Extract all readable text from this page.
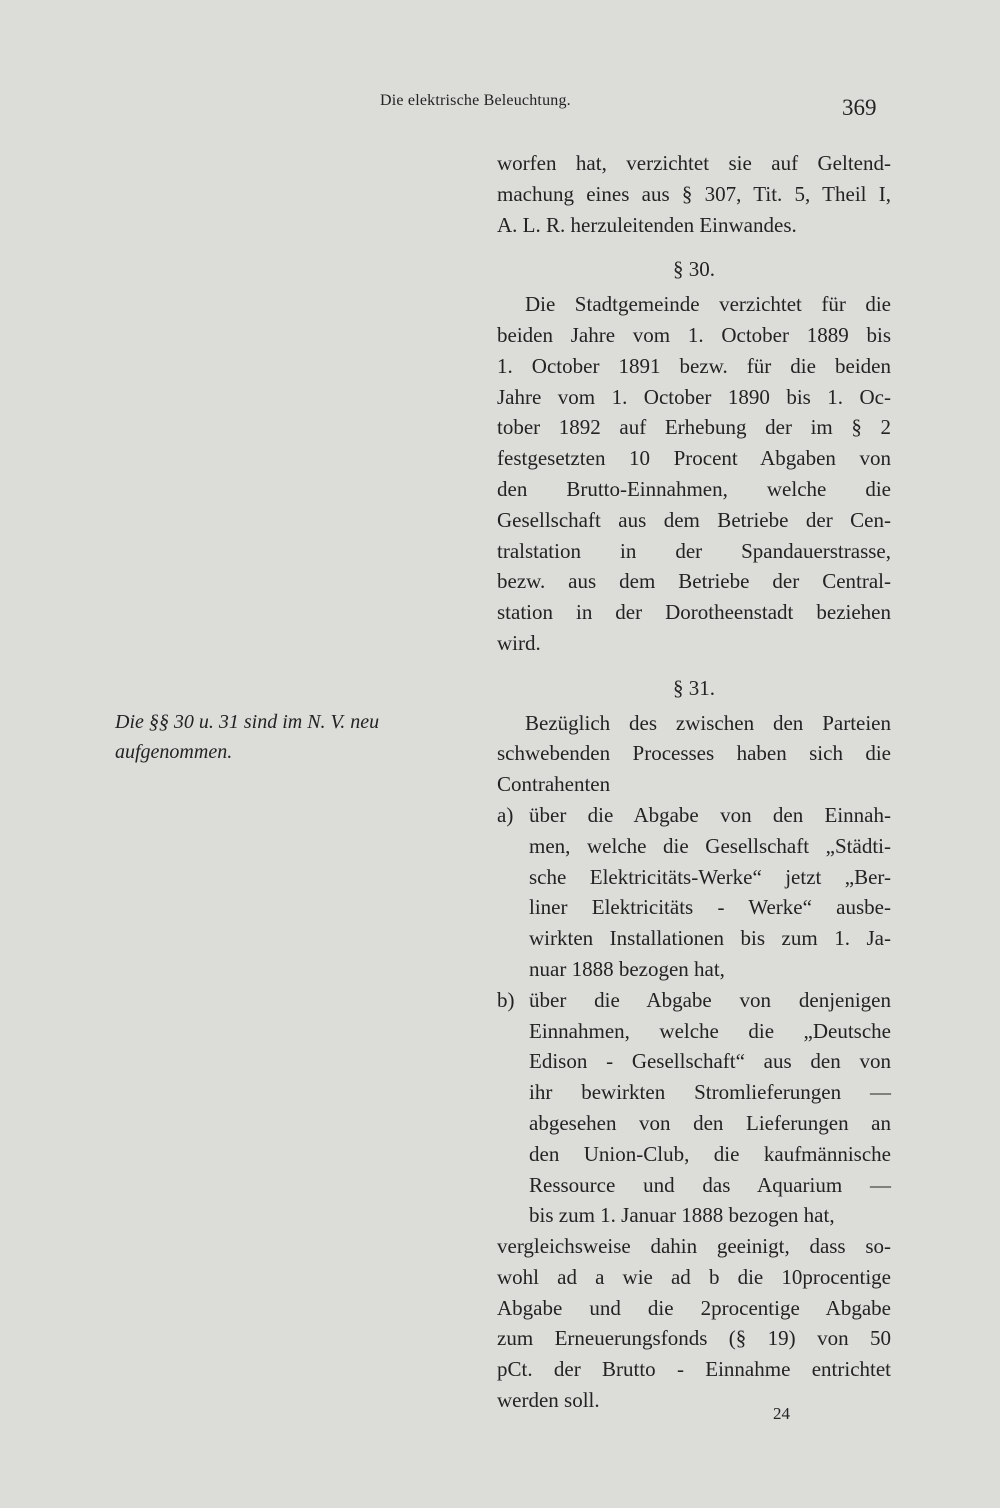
Die elektrische Beleuchtung.	369
Die §§ 30 u. 31 sind im N. V. neu
aufgenommen.
worfen hat, verzichtet sie auf Geltend-
machung eines aus § 307, Tit. 5, Theil I,
A. L. R. herzuleitenden Einwandes.
§ 30.
Die Stadtgemeinde verzichtet für die
beiden Jahre vom 1. October 1889 bis
1. October 1891 bezw. für die beiden
Jahre vom 1. October 1890 bis 1. Oc-
tober 1892 auf Erhebung der im § 2
festgesetzten 10 Procent Abgaben von
den Brutto-Einnahmen, welche die
Gesellschaft aus dem Betriebe der Cen-
tralstation in der Spandauerstrasse,
bezw. aus dem Betriebe der Central-
station in der Dorotheenstadt beziehen
wird.
§ 31.
Bezüglich des zwischen den Parteien
schwebenden Processes haben sich die
Contrahenten
a) über die Abgabe von den Einnah-
men, welche die Gesellschaft „Städti-
sche Elektricitäts-Werke“ jetzt „Ber-
liner Elektricitäts - Werke“ ausbe-
wirkten Installationen bis zum 1. Ja-
nuar 1888 bezogen hat,
b) über die Abgabe von denjenigen
Einnahmen, welche die „Deutsche
Edison - Gesellschaft“ aus den von
ihr bewirkten Stromlieferungen —
abgesehen von den Lieferungen an
den Union-Club, die kaufmännische
Ressource und das Aquarium —
bis zum 1. Januar 1888 bezogen hat,
vergleichsweise dahin geeinigt, dass so-
wohl ad a wie ad b die 10procentige
Abgabe und die 2procentige Abgabe
zum Erneuerungsfonds (§ 19) von 50
pCt. der Brutto - Einnahme entrichtet
werden soll.
24
